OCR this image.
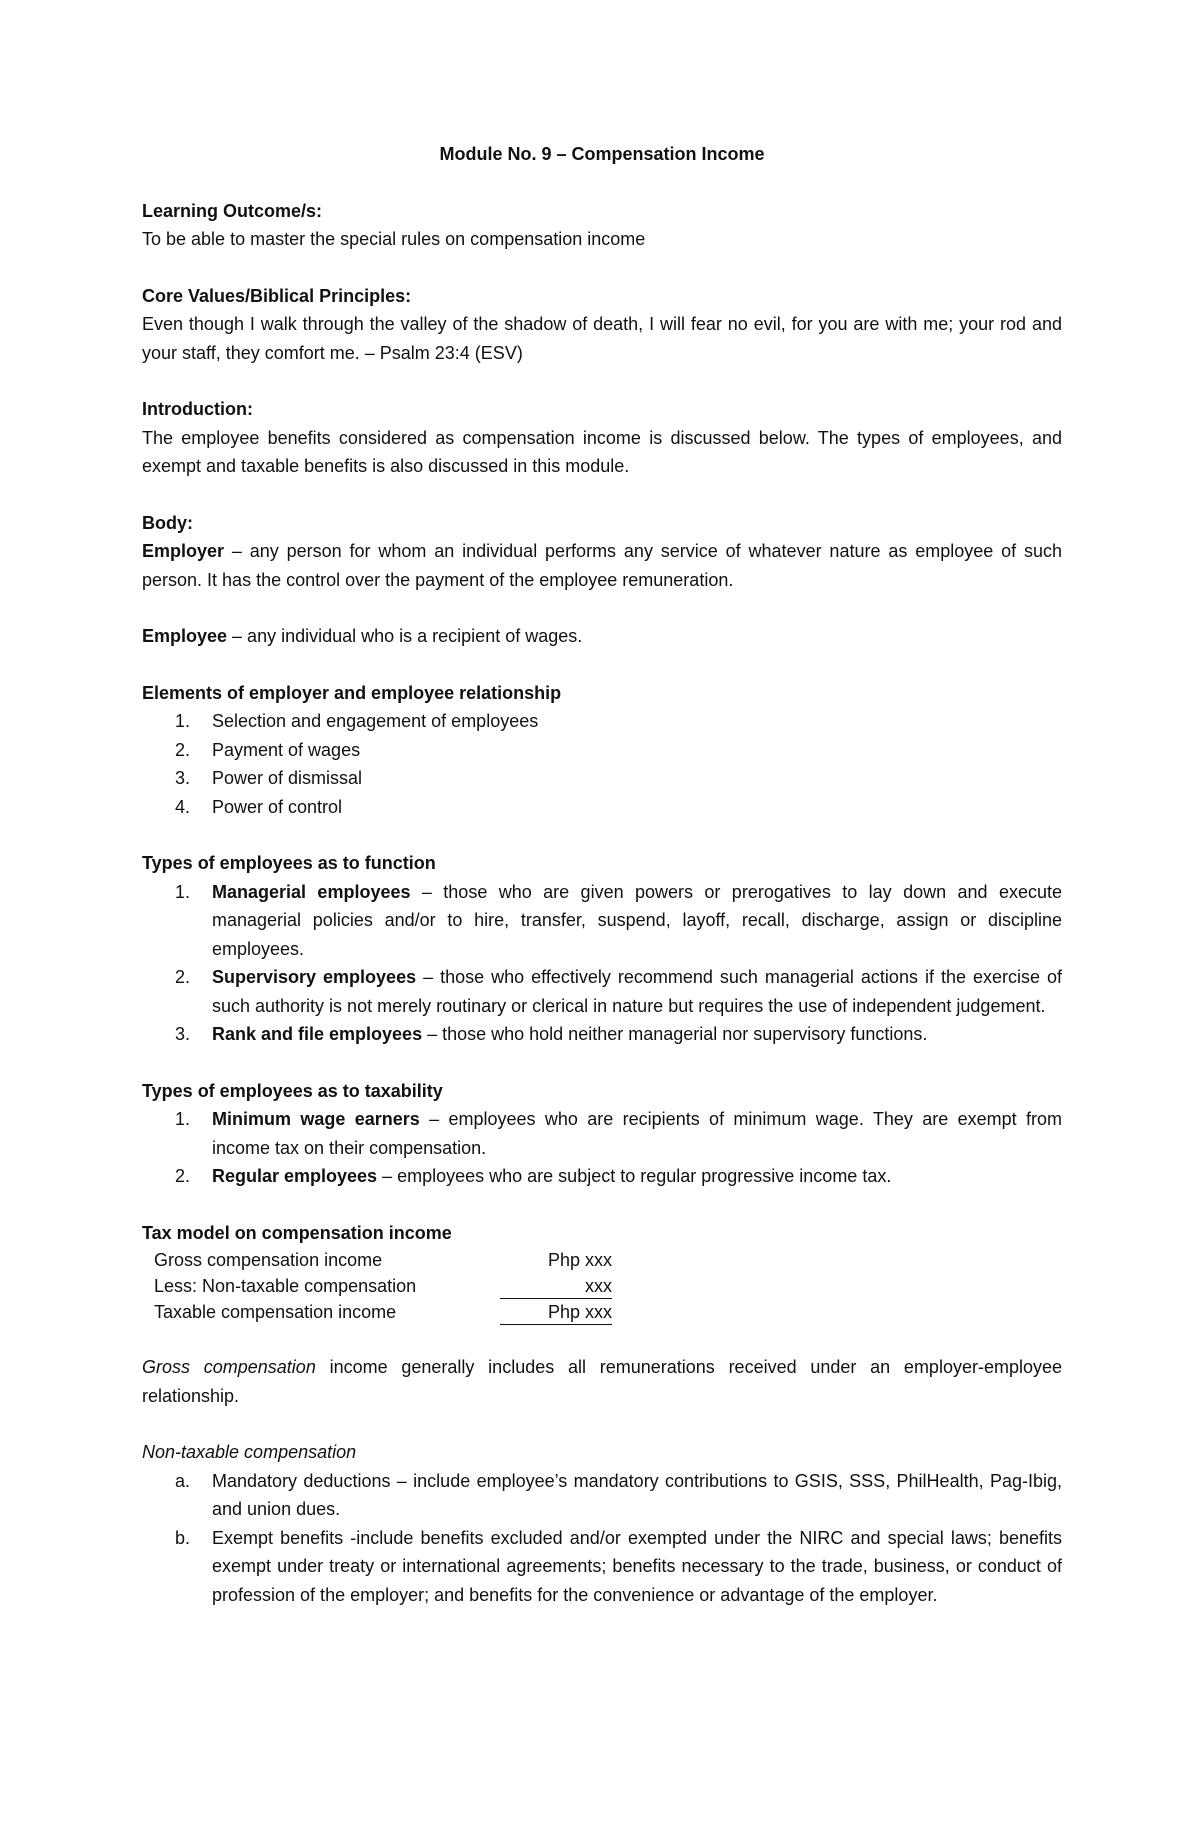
Module No. 9 – Compensation Income
Learning Outcome/s:
To be able to master the special rules on compensation income
Core Values/Biblical Principles:
Even though I walk through the valley of the shadow of death, I will fear no evil, for you are with me; your rod and your staff, they comfort me. – Psalm 23:4 (ESV)
Introduction:
The employee benefits considered as compensation income is discussed below. The types of employees, and exempt and taxable benefits is also discussed in this module.
Body:
Employer – any person for whom an individual performs any service of whatever nature as employee of such person. It has the control over the payment of the employee remuneration.
Employee – any individual who is a recipient of wages.
Elements of employer and employee relationship
1. Selection and engagement of employees
2. Payment of wages
3. Power of dismissal
4. Power of control
Types of employees as to function
1. Managerial employees – those who are given powers or prerogatives to lay down and execute managerial policies and/or to hire, transfer, suspend, layoff, recall, discharge, assign or discipline employees.
2. Supervisory employees – those who effectively recommend such managerial actions if the exercise of such authority is not merely routinary or clerical in nature but requires the use of independent judgement.
3. Rank and file employees – those who hold neither managerial nor supervisory functions.
Types of employees as to taxability
1. Minimum wage earners – employees who are recipients of minimum wage. They are exempt from income tax on their compensation.
2. Regular employees – employees who are subject to regular progressive income tax.
Tax model on compensation income
Gross compensation income	Php xxx
Less: Non-taxable compensation	xxx
Taxable compensation income	Php xxx
Gross compensation income generally includes all remunerations received under an employer-employee relationship.
Non-taxable compensation
a. Mandatory deductions – include employee’s mandatory contributions to GSIS, SSS, PhilHealth, Pag-Ibig, and union dues.
b. Exempt benefits -include benefits excluded and/or exempted under the NIRC and special laws; benefits exempt under treaty or international agreements; benefits necessary to the trade, business, or conduct of profession of the employer; and benefits for the convenience or advantage of the employer.
